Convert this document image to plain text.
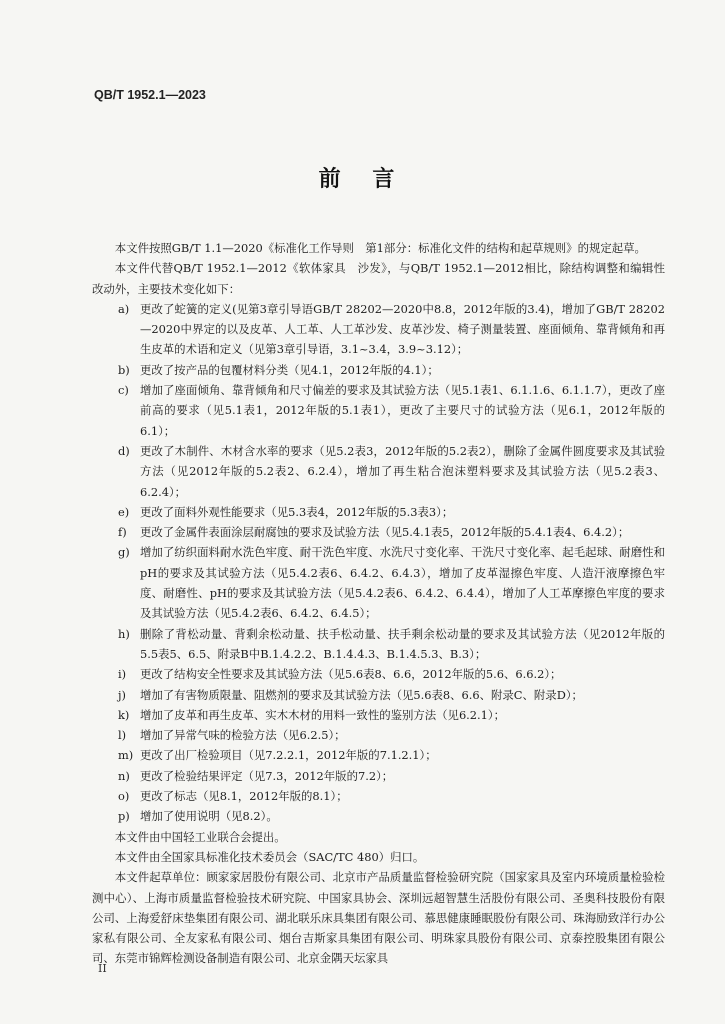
QB/T 1952.1—2023
前 言

本文件按照GB/T 1.1—2020《标准化工作导则　第1部分：标准化文件的结构和起草规则》的规定起草。

本文件代替QB/T 1952.1—2012《软体家具　沙发》，与QB/T 1952.1—2012相比，除结构调整和编辑性改动外，主要技术变化如下：

a) 更改了蛇簧的定义(见第3章引导语GB/T 28202—2020中8.8，2012年版的3.4)，增加了GB/T 28202—2020中界定的以及皮革、人工革、人工革沙发、皮革沙发、椅子测量装置、座面倾角、靠背倾角和再生皮革的术语和定义（见第3章引导语，3.1~3.4，3.9~3.12）；
b) 更改了按产品的包覆材料分类（见4.1，2012年版的4.1）；
c) 增加了座面倾角、靠背倾角和尺寸偏差的要求及其试验方法（见5.1表1、6.1.1.6、6.1.1.7），更改了座前高的要求（见5.1表1，2012年版的5.1表1），更改了主要尺寸的试验方法（见6.1，2012年版的6.1）；
d) 更改了木制件、木材含水率的要求（见5.2表3，2012年版的5.2表2），删除了金属件圆度要求及其试验方法（见2012年版的5.2表2、6.2.4），增加了再生粘合泡沫塑料要求及其试验方法（见5.2表3、6.2.4）；
e) 更改了面料外观性能要求（见5.3表4，2012年版的5.3表3）；
f)	更改了金属件表面涂层耐腐蚀的要求及试验方法（见5.4.1表5，2012年版的5.4.1表4、6.4.2）；
g) 增加了纺织面料耐水洗色牢度、耐干洗色牢度、水洗尺寸变化率、干洗尺寸变化率、起毛起球、耐磨性和pH的要求及其试验方法（见5.4.2表6、6.4.2、6.4.3），增加了皮革湿擦色牢度、人造汗液摩擦色牢度、耐磨性、pH的要求及其试验方法（见5.4.2表6、6.4.2、6.4.4），增加了人工革摩擦色牢度的要求及其试验方法（见5.4.2表6、6.4.2、6.4.5）；
h) 删除了背松动量、背剩余松动量、扶手松动量、扶手剩余松动量的要求及其试验方法（见2012年版的5.5表5、6.5、附录B中B.1.4.2.2、B.1.4.4.3、B.1.4.5.3、B.3）；
i)	更改了结构安全性要求及其试验方法（见5.6表8、6.6，2012年版的5.6、6.6.2）；
j)	增加了有害物质限量、阻燃剂的要求及其试验方法（见5.6表8、6.6、附录C、附录D）；
k) 增加了皮革和再生皮革、实木木材的用料一致性的鉴别方法（见6.2.1）；
l)	增加了异常气味的检验方法（见6.2.5）；
m) 更改了出厂检验项目（见7.2.2.1，2012年版的7.1.2.1）；
n) 更改了检验结果评定（见7.3，2012年版的7.2）；
o) 更改了标志（见8.1，2012年版的8.1）；
p) 增加了使用说明（见8.2）。

本文件由中国轻工业联合会提出。

本文件由全国家具标准化技术委员会（SAC/TC 480）归口。

本文件起草单位：顾家家居股份有限公司、北京市产品质量监督检验研究院（国家家具及室内环境质量检验检测中心）、上海市质量监督检验技术研究院、中国家具协会、深圳远超智慧生活股份有限公司、圣奥科技股份有限公司、上海爱舒床垫集团有限公司、湖北联乐床具集团有限公司、慕思健康睡眠股份有限公司、珠海励致洋行办公家私有限公司、全友家私有限公司、烟台吉斯家具集团有限公司、明珠家具股份有限公司、京泰控股集团有限公司、东莞市锦辉检测设备制造有限公司、北京金隅天坛家具

II
